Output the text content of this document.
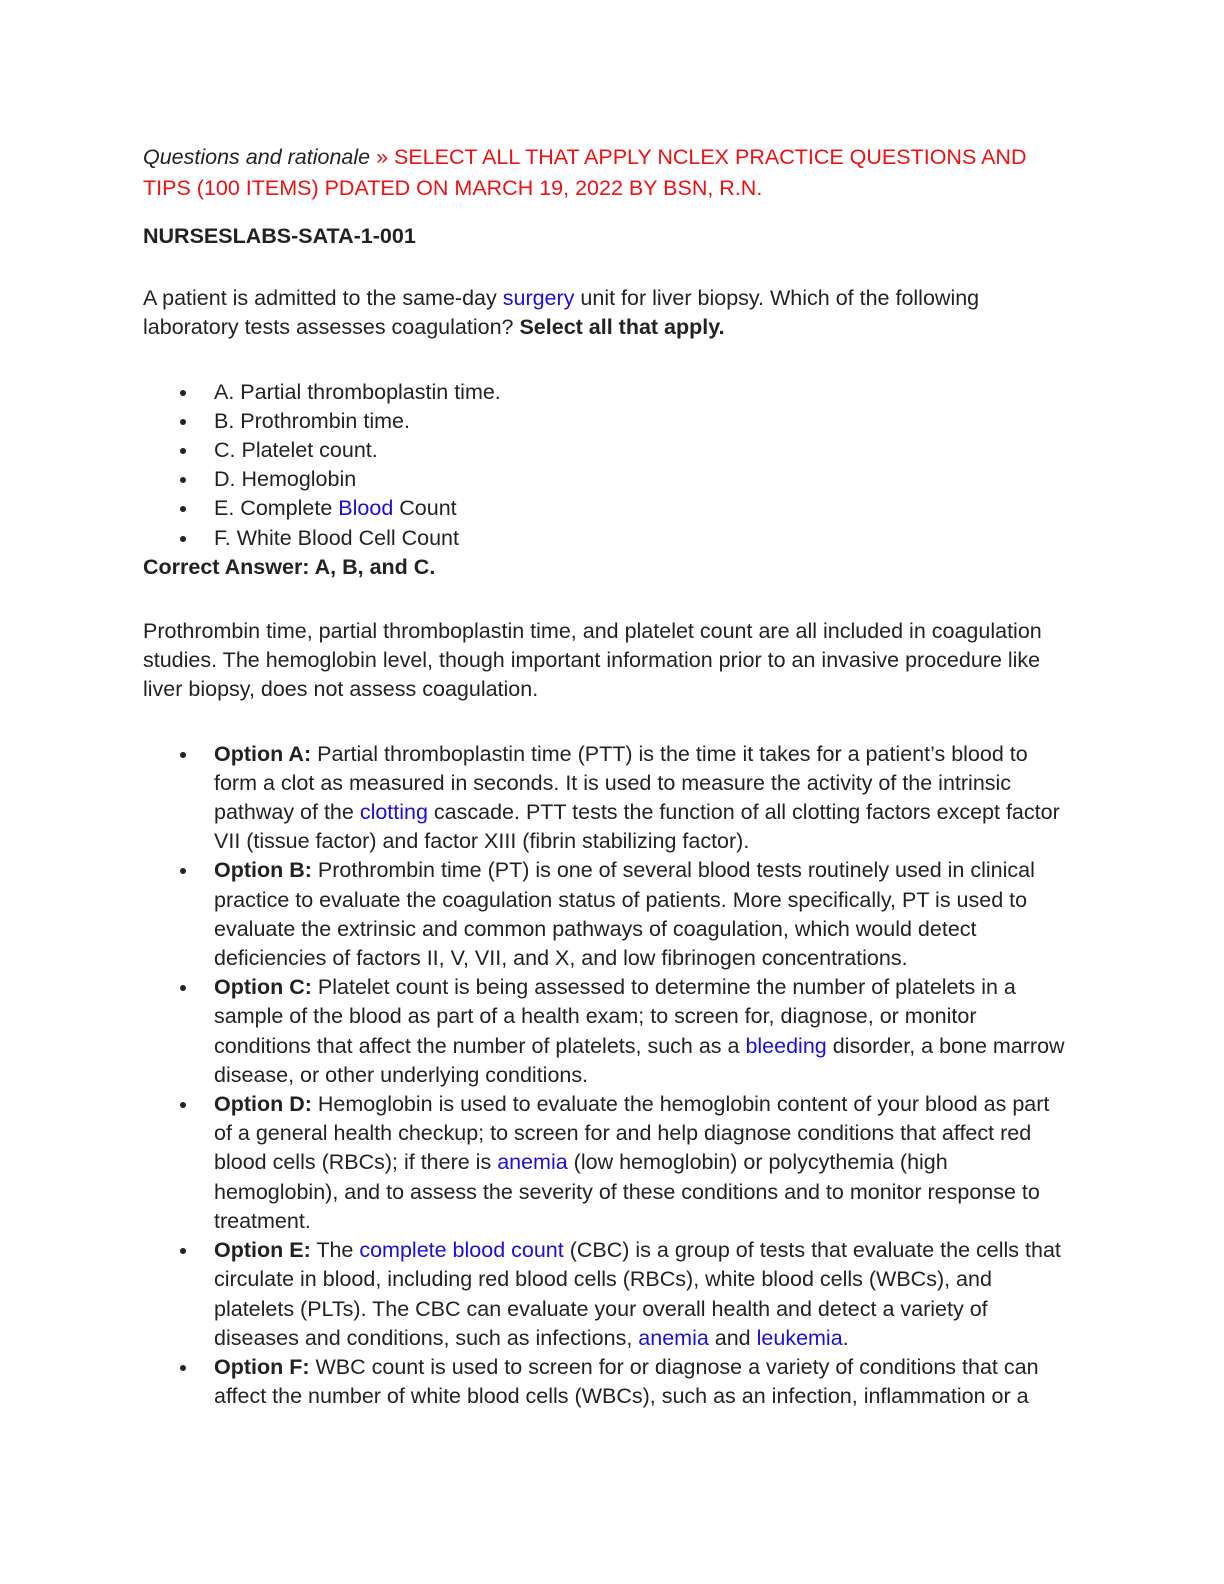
Questions and rationale » SELECT ALL THAT APPLY NCLEX PRACTICE QUESTIONS AND TIPS (100 ITEMS) PDATED ON MARCH 19, 2022 BY BSN, R.N.

NURSESLABS-SATA-1-001

A patient is admitted to the same-day surgery unit for liver biopsy. Which of the following laboratory tests assesses coagulation? Select all that apply.

A. Partial thromboplastin time.
B. Prothrombin time.
C. Platelet count.
D. Hemoglobin
E. Complete Blood Count
F. White Blood Cell Count

Correct Answer: A, B, and C.

Prothrombin time, partial thromboplastin time, and platelet count are all included in coagulation studies. The hemoglobin level, though important information prior to an invasive procedure like liver biopsy, does not assess coagulation.

Option A: Partial thromboplastin time (PTT) is the time it takes for a patient’s blood to form a clot as measured in seconds. It is used to measure the activity of the intrinsic pathway of the clotting cascade. PTT tests the function of all clotting factors except factor VII (tissue factor) and factor XIII (fibrin stabilizing factor).
Option B: Prothrombin time (PT) is one of several blood tests routinely used in clinical practice to evaluate the coagulation status of patients. More specifically, PT is used to evaluate the extrinsic and common pathways of coagulation, which would detect deficiencies of factors II, V, VII, and X, and low fibrinogen concentrations.
Option C: Platelet count is being assessed to determine the number of platelets in a sample of the blood as part of a health exam; to screen for, diagnose, or monitor conditions that affect the number of platelets, such as a bleeding disorder, a bone marrow disease, or other underlying conditions.
Option D: Hemoglobin is used to evaluate the hemoglobin content of your blood as part of a general health checkup; to screen for and help diagnose conditions that affect red blood cells (RBCs); if there is anemia (low hemoglobin) or polycythemia (high hemoglobin), and to assess the severity of these conditions and to monitor response to treatment.
Option E: The complete blood count (CBC) is a group of tests that evaluate the cells that circulate in blood, including red blood cells (RBCs), white blood cells (WBCs), and platelets (PLTs). The CBC can evaluate your overall health and detect a variety of diseases and conditions, such as infections, anemia and leukemia.
Option F: WBC count is used to screen for or diagnose a variety of conditions that can affect the number of white blood cells (WBCs), such as an infection, inflammation or a
